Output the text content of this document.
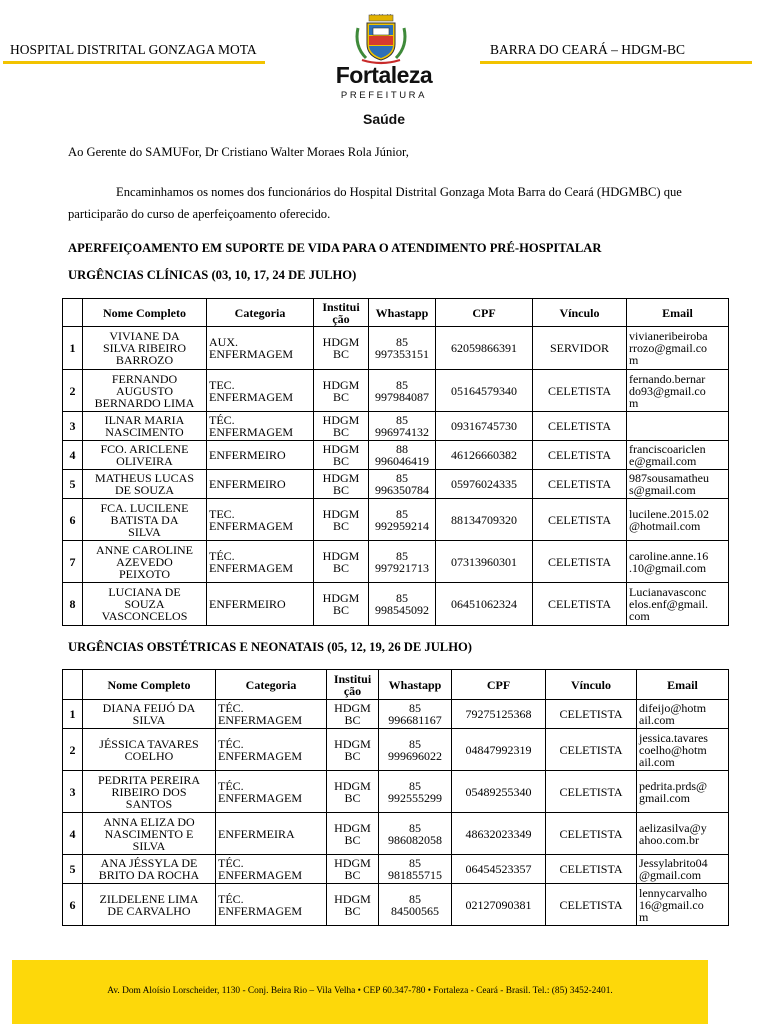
HOSPITAL DISTRITAL GONZAGA MOTA	BARRA DO CEARÁ – HDGM-BC
Fortaleza
PREFEITURA
Saúde
Ao Gerente do SAMUFor, Dr Cristiano Walter Moraes Rola Júnior,
Encaminhamos os nomes dos funcionários do Hospital Distrital Gonzaga Mota Barra do Ceará (HDGMBC) que
participarão do curso de aperfeiçoamento oferecido.
APERFEIÇOAMENTO EM SUPORTE DE VIDA PARA O ATENDIMENTO PRÉ-HOSPITALAR
URGÊNCIAS CLÍNICAS (03, 10, 17, 24 DE JULHO)
	Nome Completo	Categoria	Institui
ção	Whastapp	CPF	Vínculo	Email
1	VIVIANE DA
SILVA RIBEIRO
BARROZO	AUX.
ENFERMAGEM	HDGM
BC	85
997353151	62059866391	SERVIDOR	vivianeribeiroba
rrozo@gmail.co
m
2	FERNANDO
AUGUSTO
BERNARDO LIMA	TEC.
ENFERMAGEM	HDGM
BC	85
997984087	05164579340	CELETISTA	fernando.bernar
do93@gmail.co
m
3	ILNAR MARIA
NASCIMENTO	TÉC.
ENFERMAGEM	HDGM
BC	85
996974132	09316745730	CELETISTA	
4	FCO. ARICLENE
OLIVEIRA	ENFERMEIRO	HDGM
BC	88
996046419	46126660382	CELETISTA	franciscoariclen
e@gmail.com
5	MATHEUS LUCAS
DE SOUZA	ENFERMEIRO	HDGM
BC	85
996350784	05976024335	CELETISTA	987sousamatheu
s@gmail.com
6	FCA. LUCILENE
BATISTA DA
SILVA	TEC.
ENFERMAGEM	HDGM
BC	85
992959214	88134709320	CELETISTA	lucilene.2015.02
@hotmail.com
7	ANNE CAROLINE
AZEVEDO
PEIXOTO	TÉC.
ENFERMAGEM	HDGM
BC	85
997921713	07313960301	CELETISTA	caroline.anne.16
.10@gmail.com
8	LUCIANA DE
SOUZA
VASCONCELOS	ENFERMEIRO	HDGM
BC	85
998545092	06451062324	CELETISTA	Lucianavasconc
elos.enf@gmail.
com
URGÊNCIAS OBSTÉTRICAS E NEONATAIS (05, 12, 19, 26 DE JULHO)
	Nome Completo	Categoria	Institui
ção	Whastapp	CPF	Vínculo	Email
1	DIANA FEIJÓ DA
SILVA	TÉC.
ENFERMAGEM	HDGM
BC	85
996681167	79275125368	CELETISTA	difeijo@hotm
ail.com
2	JÉSSICA TAVARES
COELHO	TÉC.
ENFERMAGEM	HDGM
BC	85
999696022	04847992319	CELETISTA	jessica.tavares
coelho@hotm
ail.com
3	PEDRITA PEREIRA
RIBEIRO DOS
SANTOS	TÉC.
ENFERMAGEM	HDGM
BC	85
992555299	05489255340	CELETISTA	pedrita.prds@
gmail.com
4	ANNA ELIZA DO
NASCIMENTO E
SILVA	ENFERMEIRA	HDGM
BC	85
986082058	48632023349	CELETISTA	aelizasilva@y
ahoo.com.br
5	ANA JÉSSYLA DE
BRITO DA ROCHA	TÉC.
ENFERMAGEM	HDGM
BC	85
981855715	06454523357	CELETISTA	Jessylabrito04
@gmail.com
6	ZILDELENE LIMA
DE CARVALHO	TÉC.
ENFERMAGEM	HDGM
BC	85
84500565	02127090381	CELETISTA	lennycarvalho
16@gmail.co
m
Av. Dom Aloísio Lorscheider, 1130 - Conj. Beira Rio – Vila Velha • CEP 60.347-780 • Fortaleza - Ceará - Brasil. Tel.: (85) 3452-2401.
